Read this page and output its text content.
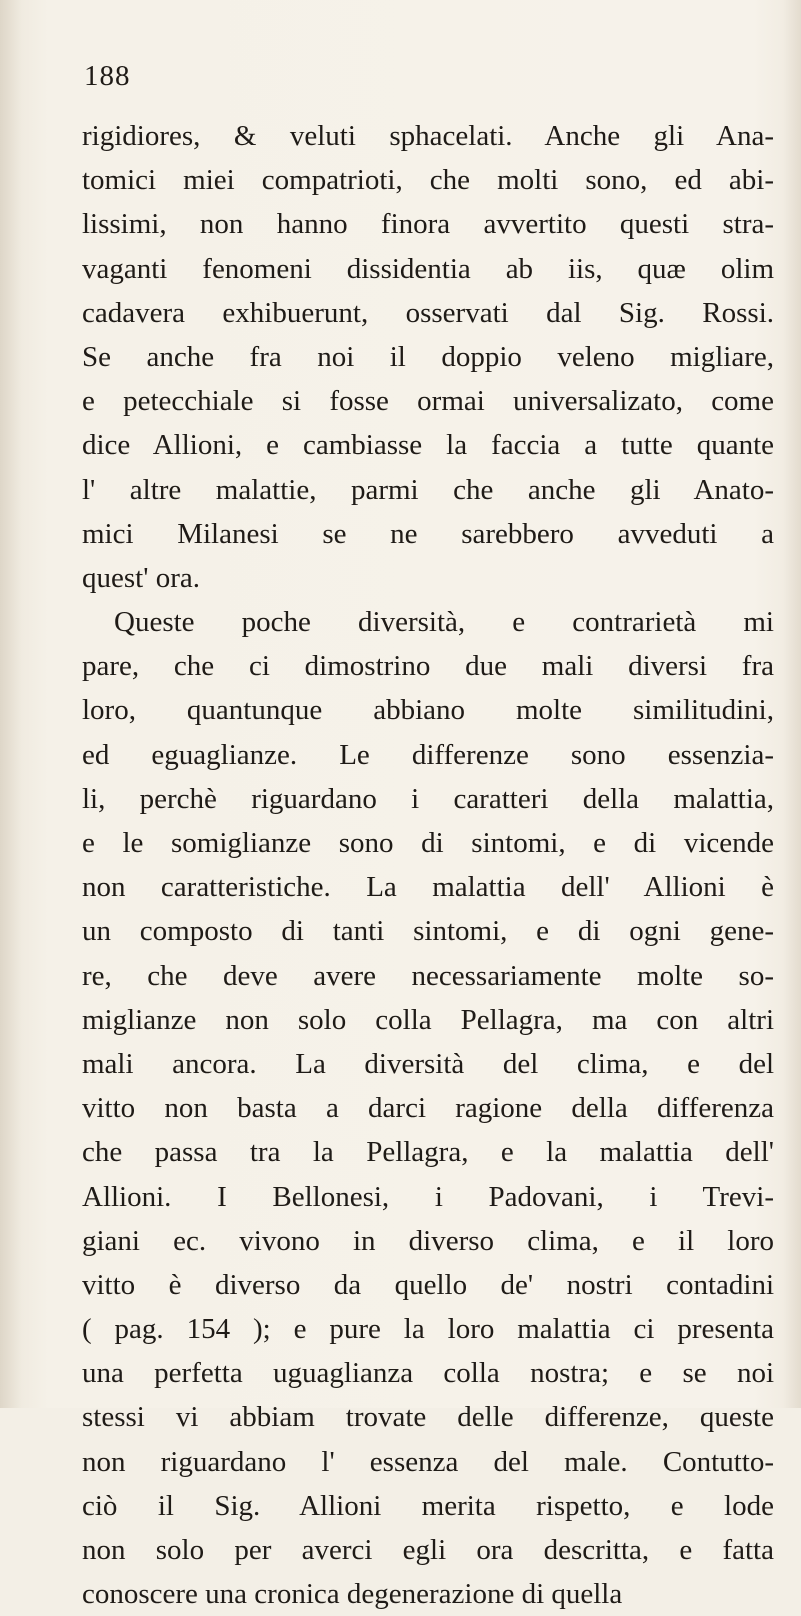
188
rigidiores, & veluti sphacelati. Anche gli Ana-
tomici miei compatrioti, che molti sono, ed abi-
lissimi, non hanno finora avvertito questi stra-
vaganti fenomeni dissidentia ab iis, quæ olim
cadavera exhibuerunt, osservati dal Sig. Rossi.
Se anche fra noi il doppio veleno migliare,
e petecchiale si fosse ormai universalizato, come
dice Allioni, e cambiasse la faccia a tutte quante
l' altre malattie, parmi che anche gli Anato-
mici Milanesi se ne sarebbero avveduti a
quest' ora.
Queste poche diversità, e contrarietà mi
pare, che ci dimostrino due mali diversi fra
loro, quantunque abbiano molte similitudini,
ed eguaglianze. Le differenze sono essenzia-
li, perchè riguardano i caratteri della malattia,
e le somiglianze sono di sintomi, e di vicende
non caratteristiche. La malattia dell' Allioni è
un composto di tanti sintomi, e di ogni gene-
re, che deve avere necessariamente molte so-
miglianze non solo colla Pellagra, ma con altri
mali ancora. La diversità del clima, e del
vitto non basta a darci ragione della differenza
che passa tra la Pellagra, e la malattia dell'
Allioni. I Bellonesi, i Padovani, i Trevi-
giani ec. vivono in diverso clima, e il loro
vitto è diverso da quello de' nostri contadini
( pag. 154 ); e pure la loro malattia ci presenta
una perfetta uguaglianza colla nostra; e se noi
stessi vi abbiam trovate delle differenze, queste
non riguardano l' essenza del male. Contutto-
ciò il Sig. Allioni merita rispetto, e lode
non solo per averci egli ora descritta, e fatta
conoscere una cronica degenerazione di quella
